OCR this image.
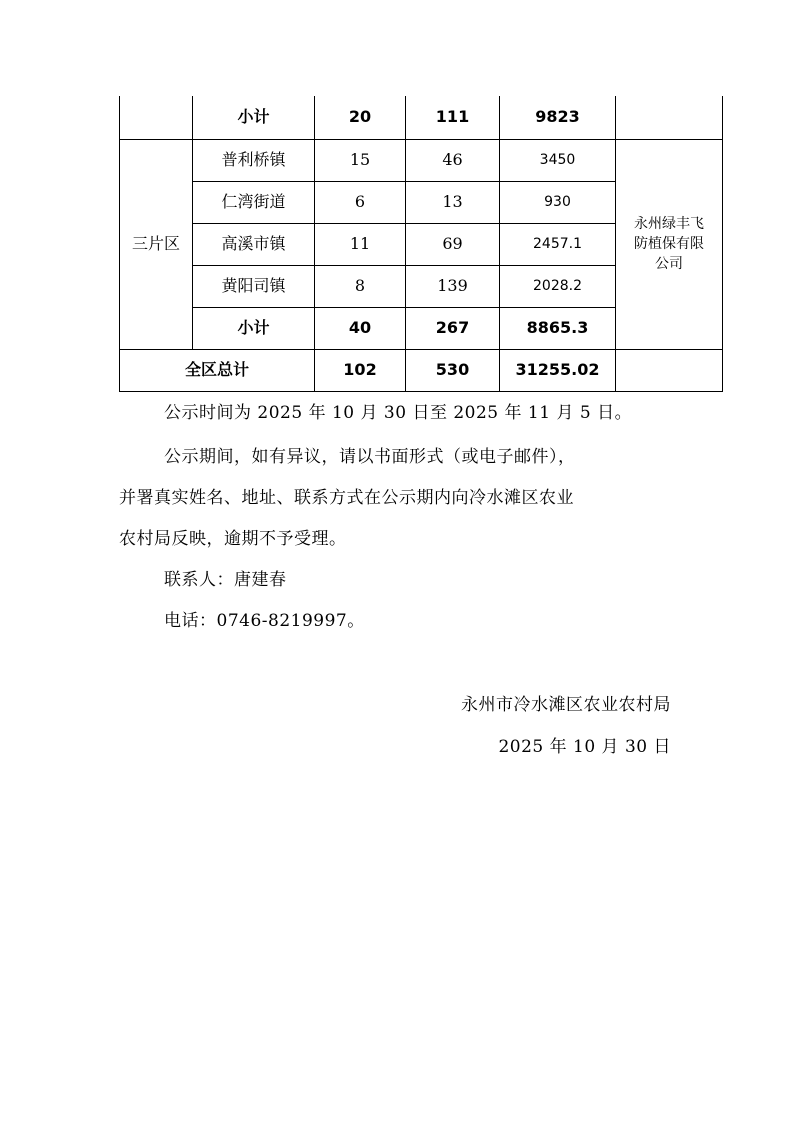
	小计	20	111	9823	
三片区	普利桥镇	15	46	3450	永州绿丰飞
防植保有限
公司

	仁湾街道	6	13	930	
	高溪市镇	11	69	2457.1	
	黄阳司镇	8	139	2028.2	
	小计	40	267	8865.3	
全区总计		102	530	31255.02	
公示时间为 2025 年 10 月 30 日至 2025 年 11 月 5 日。
公示期间，如有异议，请以书面形式（或电子邮件），
并署真实姓名、地址、联系方式在公示期内向冷水滩区农业
农村局反映，逾期不予受理。
联系人：唐建春
电话：0746-8219997。
永州市冷水滩区农业农村局
2025 年 10 月 30 日
